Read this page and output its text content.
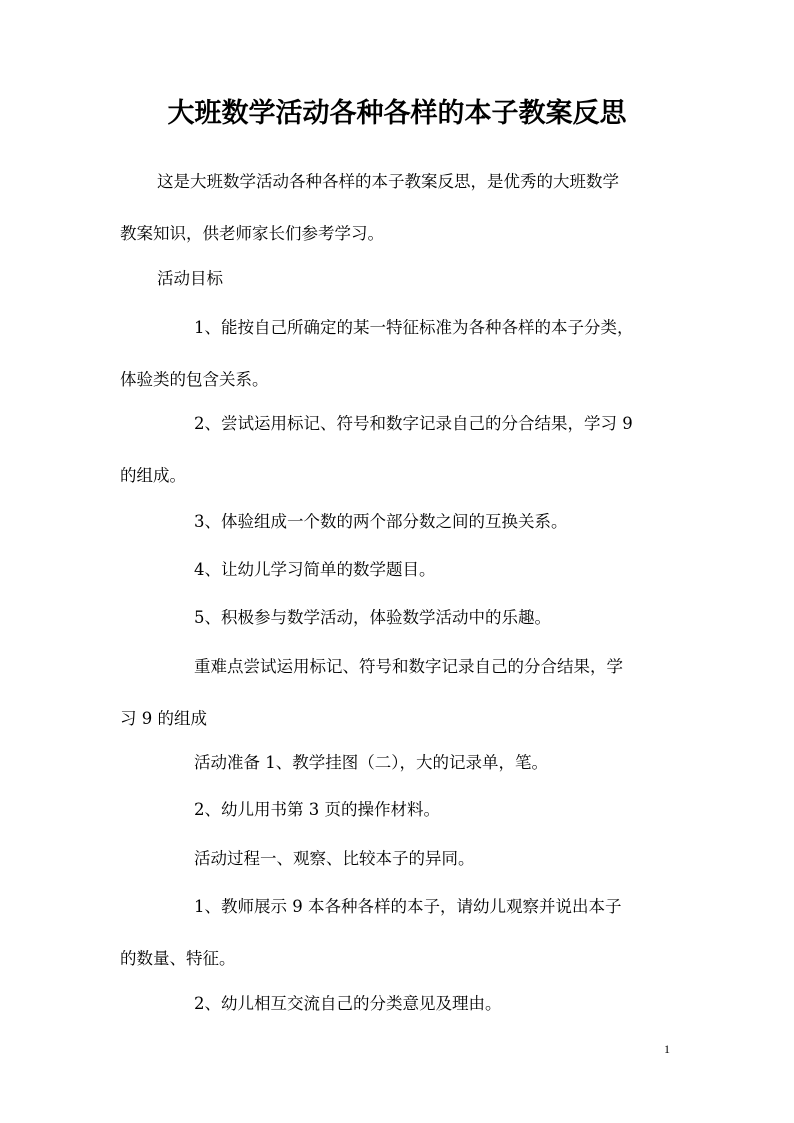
大班数学活动各种各样的本子教案反思
这是大班数学活动各种各样的本子教案反思，是优秀的大班数学
教案知识，供老师家长们参考学习。
活动目标
1、能按自己所确定的某一特征标准为各种各样的本子分类，
体验类的包含关系。
2、尝试运用标记、符号和数字记录自己的分合结果，学习 9
的组成。
3、体验组成一个数的两个部分数之间的互换关系。
4、让幼儿学习简单的数学题目。
5、积极参与数学活动，体验数学活动中的乐趣。
重难点尝试运用标记、符号和数字记录自己的分合结果，学
习 9 的组成
活动准备 1、教学挂图（二），大的记录单，笔。
2、幼儿用书第 3 页的操作材料。
活动过程一、观察、比较本子的异同。
1、教师展示 9 本各种各样的本子，请幼儿观察并说出本子
的数量、特征。
2、幼儿相互交流自己的分类意见及理由。
1
